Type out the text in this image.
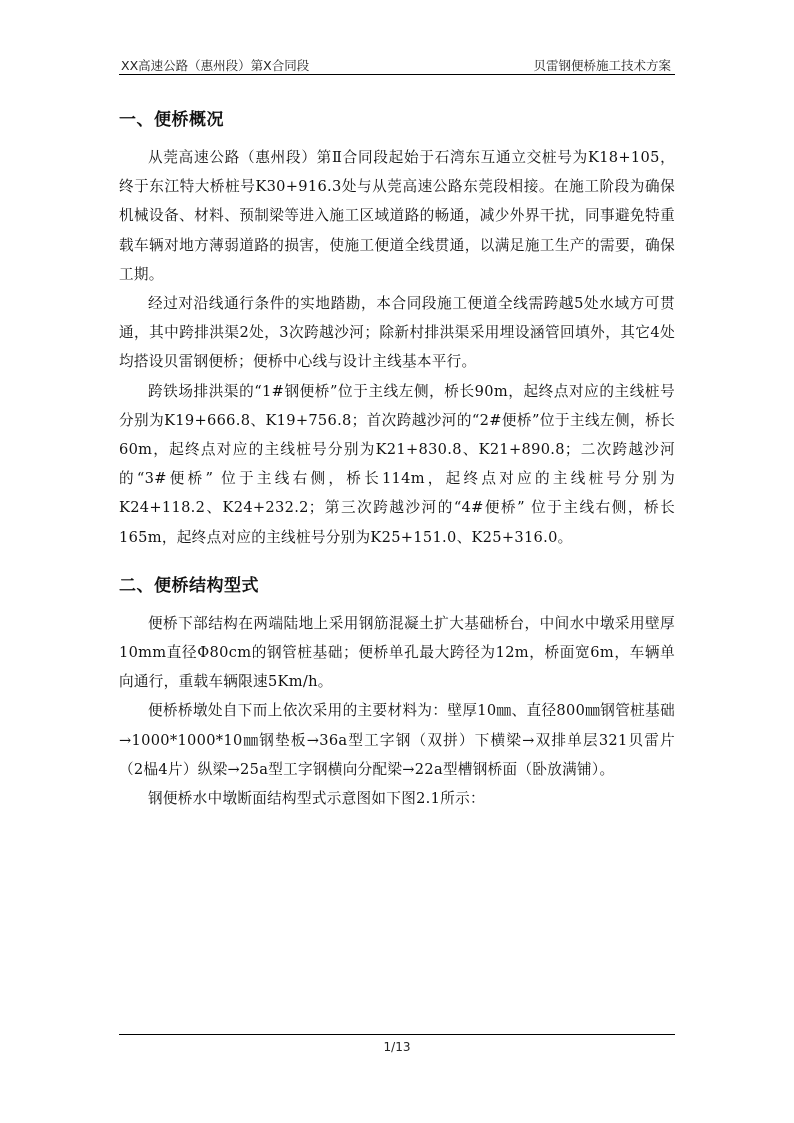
XX高速公路（惠州段）第X合同段	贝雷钢便桥施工技术方案
一、便桥概况

从莞高速公路（惠州段）第Ⅱ合同段起始于石湾东互通立交桩号为K18+105，终于东江特大桥桩号K30+916.3处与从莞高速公路东莞段相接。在施工阶段为确保机械设备、材料、预制梁等进入施工区域道路的畅通，减少外界干扰，同事避免特重载车辆对地方薄弱道路的损害，使施工便道全线贯通，以满足施工生产的需要，确保工期。

经过对沿线通行条件的实地踏勘，本合同段施工便道全线需跨越5处水域方可贯通，其中跨排洪渠2处，3次跨越沙河；除新村排洪渠采用埋设涵管回填外，其它4处均搭设贝雷钢便桥；便桥中心线与设计主线基本平行。

跨铁场排洪渠的“1#钢便桥”位于主线左侧，桥长90m，起终点对应的主线桩号分别为K19+666.8、K19+756.8；首次跨越沙河的“2#便桥”位于主线左侧，桥长60m，起终点对应的主线桩号分别为K21+830.8、K21+890.8；二次跨越沙河的“3#便桥” 位于主线右侧，桥长114m，起终点对应的主线桩号分别为K24+118.2、K24+232.2；第三次跨越沙河的“4#便桥” 位于主线右侧，桥长165m，起终点对应的主线桩号分别为K25+151.0、K25+316.0。

二、便桥结构型式

便桥下部结构在两端陆地上采用钢筋混凝土扩大基础桥台，中间水中墩采用壁厚10mm直径Φ80cm的钢管桩基础；便桥单孔最大跨径为12m，桥面宽6m，车辆单向通行，重载车辆限速5Km/h。

便桥桥墩处自下而上依次采用的主要材料为：壁厚10㎜、直径800㎜钢管桩基础→1000*1000*10㎜钢垫板→36a型工字钢（双拼）下横梁→双排单层321贝雷片（2榀4片）纵梁→25a型工字钢横向分配梁→22a型槽钢桥面（卧放满铺）。

钢便桥水中墩断面结构型式示意图如下图2.1所示：

1/13
